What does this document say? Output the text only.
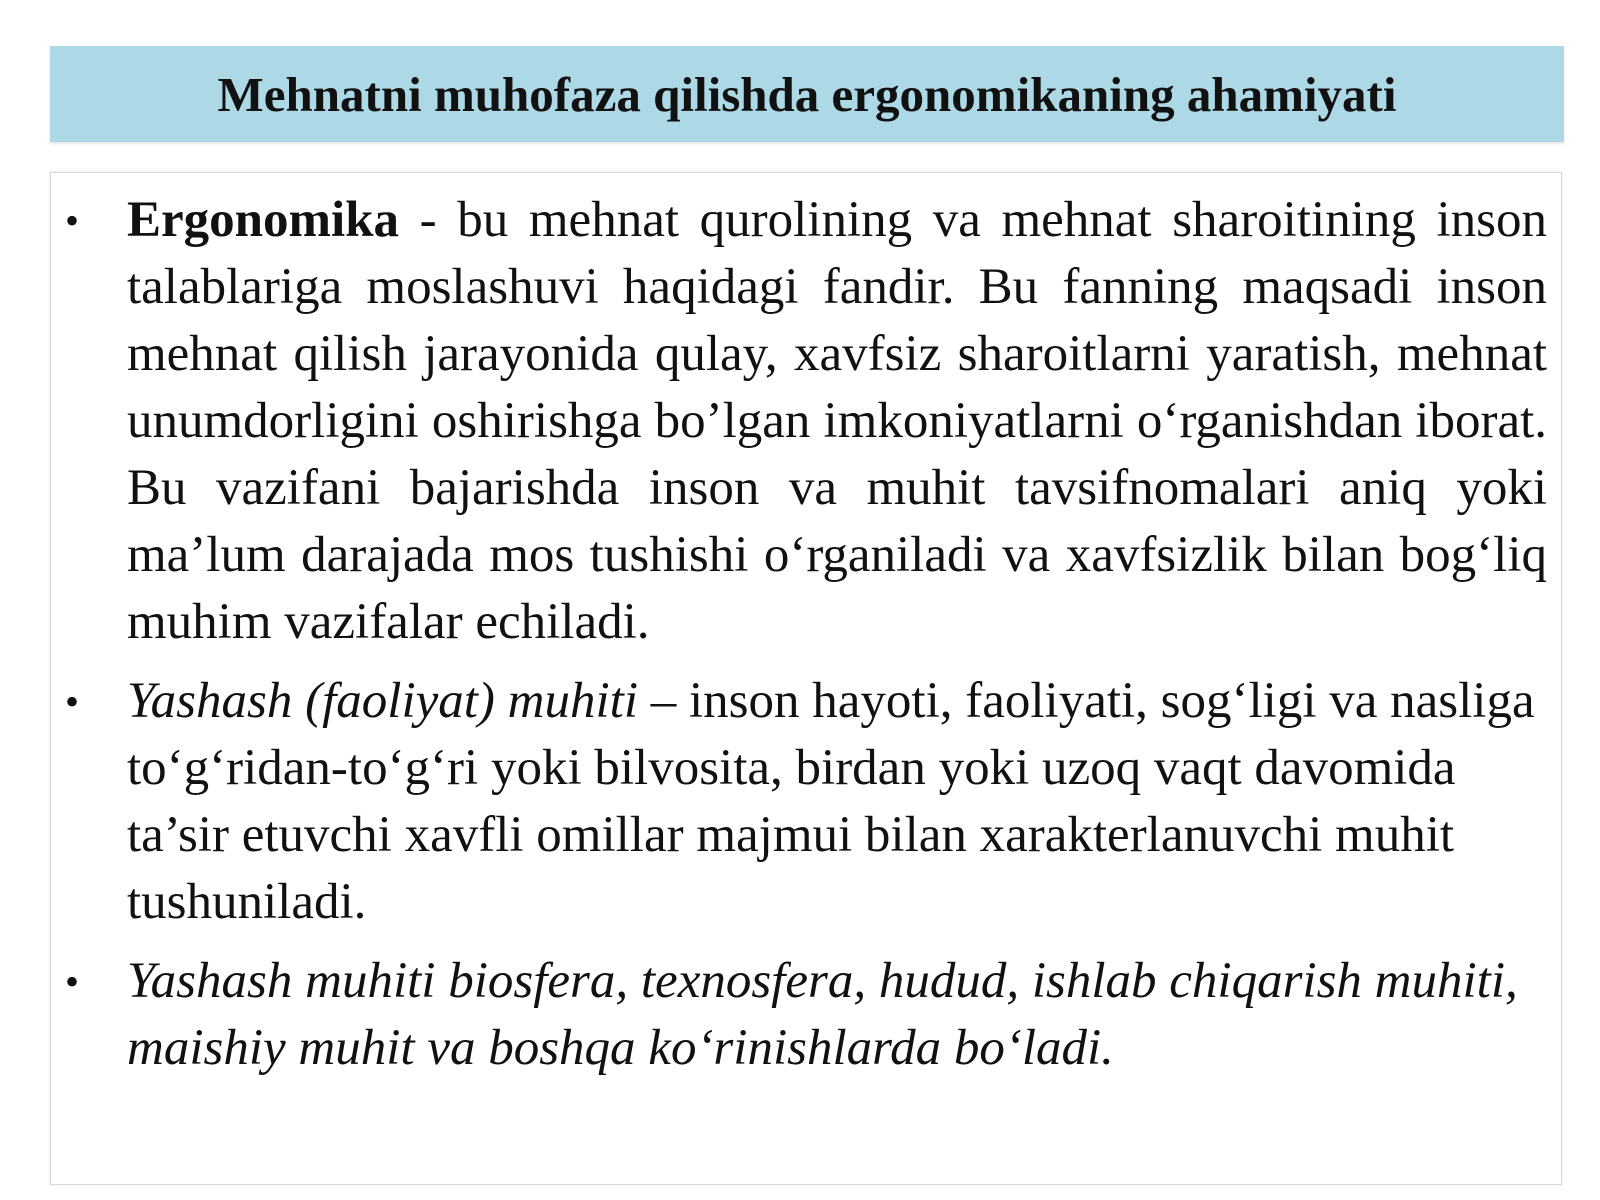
Mehnatni muhofaza qilishda ergonomikaning ahamiyati
• Ergonomika - bu mehnat qurolining va mehnat sharoitining inson talablariga moslashuvi haqidagi fandir. Bu fanning maqsadi inson mehnat qilish jarayonida qulay, xavfsiz sharoitlarni yaratish, mehnat unumdorligini oshirishga bo’lgan imkoniyatlarni o‘rganishdan iborat. Bu vazifani bajarishda inson va muhit tavsifnomalari aniq yoki ma’lum darajada mos tushishi o‘rganiladi va xavfsizlik bilan bog‘liq muhim vazifalar echiladi.
• Yashash (faoliyat) muhiti – inson hayoti, faoliyati, sog‘ligi va nasliga to‘g‘ridan-to‘g‘ri yoki bilvosita, birdan yoki uzoq vaqt davomida ta’sir etuvchi xavfli omillar majmui bilan xarakterlanuvchi muhit tushuniladi.
• Yashash muhiti biosfera, texnosfera, hudud, ishlab chiqarish muhiti, maishiy muhit va boshqa ko‘rinishlarda bo‘ladi.
